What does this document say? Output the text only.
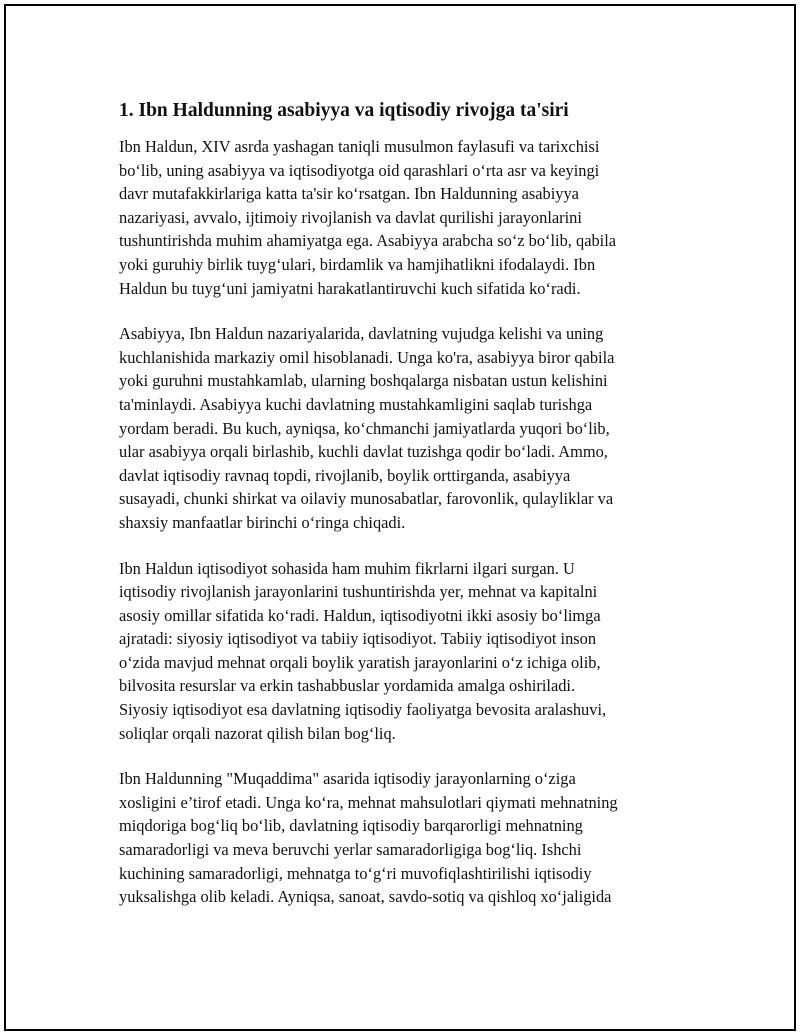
1. Ibn Haldunning asabiyya va iqtisodiy rivojga ta'siri
Ibn Haldun, XIV asrda yashagan taniqli musulmon faylasufi va tarixchisi
bo‘lib, uning asabiyya va iqtisodiyotga oid qarashlari o‘rta asr va keyingi
davr mutafakkirlariga katta ta'sir ko‘rsatgan. Ibn Haldunning asabiyya
nazariyasi, avvalo, ijtimoiy rivojlanish va davlat qurilishi jarayonlarini
tushuntirishda muhim ahamiyatga ega. Asabiyya arabcha so‘z bo‘lib, qabila
yoki guruhiy birlik tuyg‘ulari, birdamlik va hamjihatlikni ifodalaydi. Ibn
Haldun bu tuyg‘uni jamiyatni harakatlantiruvchi kuch sifatida ko‘radi.
Asabiyya, Ibn Haldun nazariyalarida, davlatning vujudga kelishi va uning
kuchlanishida markaziy omil hisoblanadi. Unga ko'ra, asabiyya biror qabila
yoki guruhni mustahkamlab, ularning boshqalarga nisbatan ustun kelishini
ta'minlaydi. Asabiyya kuchi davlatning mustahkamligini saqlab turishga
yordam beradi. Bu kuch, ayniqsa, ko‘chmanchi jamiyatlarda yuqori bo‘lib,
ular asabiyya orqali birlashib, kuchli davlat tuzishga qodir bo‘ladi. Ammo,
davlat iqtisodiy ravnaq topdi, rivojlanib, boylik orttirganda, asabiyya
susayadi, chunki shirkat va oilaviy munosabatlar, farovonlik, qulayliklar va
shaxsiy manfaatlar birinchi o‘ringa chiqadi.
Ibn Haldun iqtisodiyot sohasida ham muhim fikrlarni ilgari surgan. U
iqtisodiy rivojlanish jarayonlarini tushuntirishda yer, mehnat va kapitalni
asosiy omillar sifatida ko‘radi. Haldun, iqtisodiyotni ikki asosiy bo‘limga
ajratadi: siyosiy iqtisodiyot va tabiiy iqtisodiyot. Tabiiy iqtisodiyot inson
o‘zida mavjud mehnat orqali boylik yaratish jarayonlarini o‘z ichiga olib,
bilvosita resurslar va erkin tashabbuslar yordamida amalga oshiriladi.
Siyosiy iqtisodiyot esa davlatning iqtisodiy faoliyatga bevosita aralashuvi,
soliqlar orqali nazorat qilish bilan bog‘liq.
Ibn Haldunning "Muqaddima" asarida iqtisodiy jarayonlarning o‘ziga
xosligini e’tirof etadi. Unga ko‘ra, mehnat mahsulotlari qiymati mehnatning
miqdoriga bog‘liq bo‘lib, davlatning iqtisodiy barqarorligi mehnatning
samaradorligi va meva beruvchi yerlar samaradorligiga bog‘liq. Ishchi
kuchining samaradorligi, mehnatga to‘g‘ri muvofiqlashtirilishi iqtisodiy
yuksalishga olib keladi. Ayniqsa, sanoat, savdo-sotiq va qishloq xo‘jaligida
